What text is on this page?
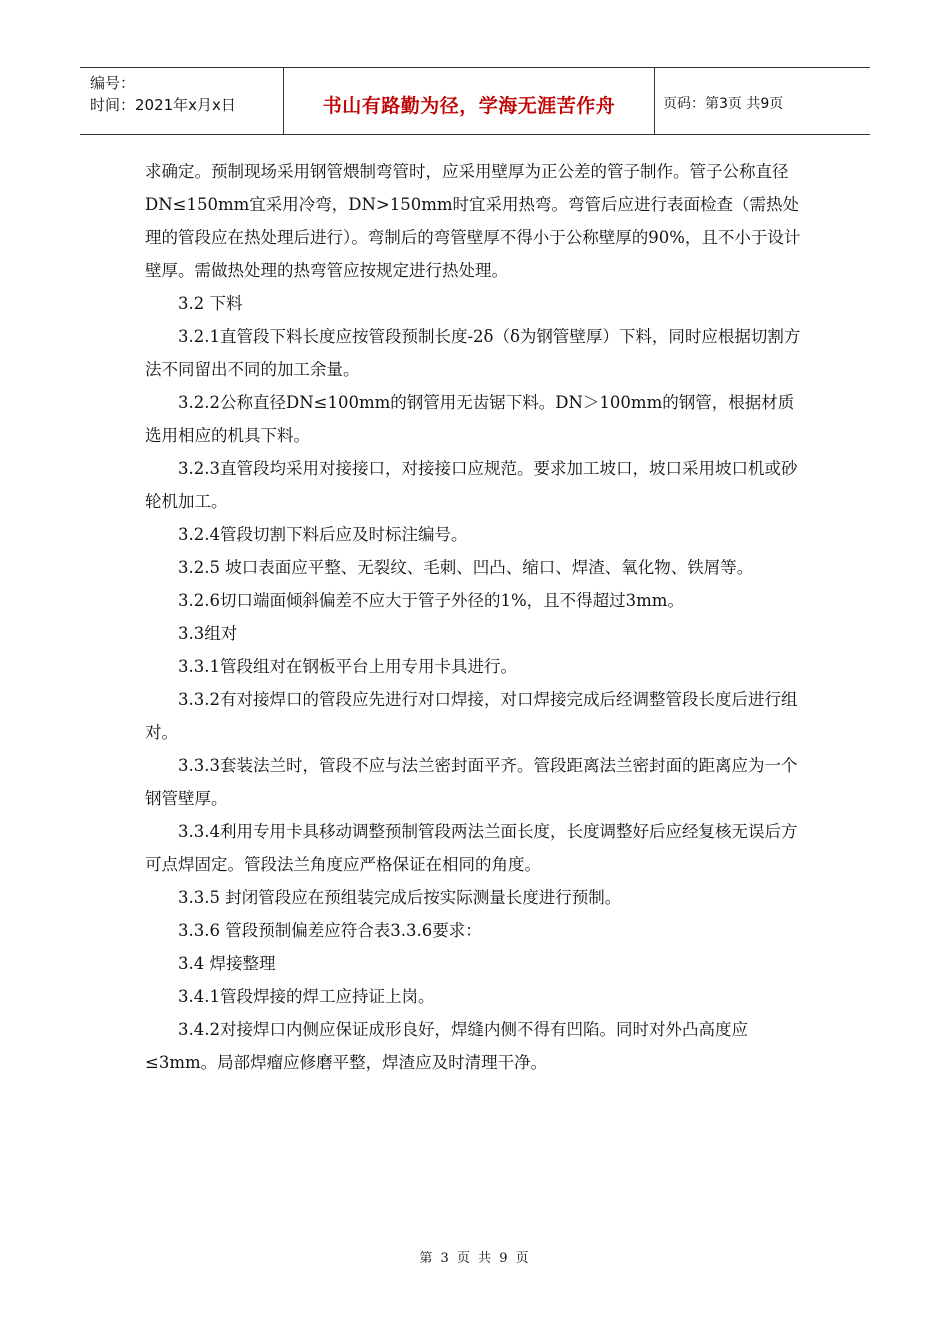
编号：
时间：2021年x月x日	书山有路勤为径，学海无涯苦作舟	页码：第3页 共9页

求确定。预制现场采用钢管煨制弯管时，应采用壁厚为正公差的管子制作。管子公称直径DN≤150mm宜采用冷弯，DN>150mm时宜采用热弯。弯管后应进行表面检查（需热处理的管段应在热处理后进行）。弯制后的弯管壁厚不得小于公称壁厚的90%，且不小于设计壁厚。需做热处理的热弯管应按规定进行热处理。

3.2 下料

3.2.1直管段下料长度应按管段预制长度-2δ（δ为钢管壁厚）下料，同时应根据切割方法不同留出不同的加工余量。

3.2.2公称直径DN≤100mm的钢管用无齿锯下料。DN＞100mm的钢管，根据材质选用相应的机具下料。

3.2.3直管段均采用对接接口，对接接口应规范。要求加工坡口，坡口采用坡口机或砂轮机加工。

3.2.4管段切割下料后应及时标注编号。

3.2.5 坡口表面应平整、无裂纹、毛刺、凹凸、缩口、焊渣、氧化物、铁屑等。

3.2.6切口端面倾斜偏差不应大于管子外径的1%，且不得超过3mm。

3.3组对

3.3.1管段组对在钢板平台上用专用卡具进行。

3.3.2有对接焊口的管段应先进行对口焊接，对口焊接完成后经调整管段长度后进行组对。

3.3.3套装法兰时，管段不应与法兰密封面平齐。管段距离法兰密封面的距离应为一个钢管壁厚。

3.3.4利用专用卡具移动调整预制管段两法兰面长度，长度调整好后应经复核无误后方可点焊固定。管段法兰角度应严格保证在相同的角度。

3.3.5 封闭管段应在预组装完成后按实际测量长度进行预制。

3.3.6 管段预制偏差应符合表3.3.6要求：

3.4 焊接整理

3.4.1管段焊接的焊工应持证上岗。

3.4.2对接焊口内侧应保证成形良好，焊缝内侧不得有凹陷。同时对外凸高度应≤3mm。局部焊瘤应修磨平整，焊渣应及时清理干净。

第 3 页 共 9 页
